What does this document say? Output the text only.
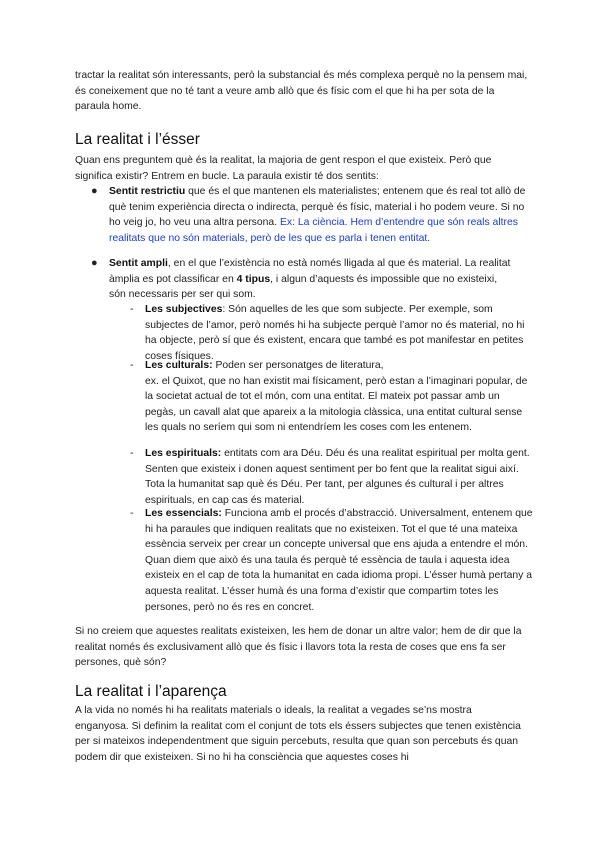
tractar la realitat són interessants, però la substancial és més complexa perquè no la pensem mai, és coneixement que no té tant a veure amb allò que és físic com el que hi ha per sota de la paraula home.

La realitat i l’ésser

Quan ens preguntem què és la realitat, la majoria de gent respon el que existeix. Però que significa existir? Entrem en bucle. La paraula existir té dos sentits:

● Sentit restrictiu que és el que mantenen els materialistes; entenem que és real tot allò de què tenim experiència directa o indirecta, perquè és físic, material i ho podem veure. Si no ho veig jo, ho veu una altra persona. Ex: La ciència. Hem d’entendre que són reals altres realitats que no són materials, però de les que es parla i tenen entitat.

● Sentit ampli, en el que l’existència no està només lligada al que és material. La realitat àmplia es pot classificar en 4 tipus, i algun d’aquests és impossible que no existeixi, són necessaris per ser qui som.

- Les subjectives: Són aquelles de les que som subjecte. Per exemple, som subjectes de l’amor, però només hi ha subjecte perquè l’amor no és material, no hi ha objecte, però sí que és existent, encara que també es pot manifestar en petites coses físiques.

- Les culturals: Poden ser personatges de literatura,
ex. el Quixot, que no han existit mai físicament, però estan a l’imaginari popular, de la societat actual de tot el món, com una entitat. El mateix pot passar amb un pegàs, un cavall alat que apareix a la mitologia clàssica, una entitat cultural sense les quals no seríem qui som ni entendríem les coses com les entenem.

- Les espirituals: entitats com ara Déu. Déu és una realitat espiritual per molta gent. Senten que existeix i donen aquest sentiment per bo fent que la realitat sigui així. Tota la humanitat sap què és Déu. Per tant, per algunes és cultural i per altres espirituals, en cap cas és material.

- Les essencials: Funciona amb el procés d’abstracció. Universalment, entenem que hi ha paraules que indiquen realitats que no existeixen. Tot el que té una mateixa essència serveix per crear un concepte universal que ens ajuda a entendre el món.
Quan diem que això és una taula és perquè té essència de taula i aquesta idea existeix en el cap de tota la humanitat en cada idioma propi. L’ésser humà pertany a aquesta realitat. L’ésser humà és una forma d’existir que compartim totes les persones, però no és res en concret.

Si no creiem que aquestes realitats existeixen, les hem de donar un altre valor; hem de dir que la realitat només és exclusivament allò que és físic i llavors tota la resta de coses que ens fa ser persones, què són?

La realitat i l’aparença

A la vida no només hi ha realitats materials o ideals, la realitat a vegades se’ns mostra enganyosa. Si definim la realitat com el conjunt de tots els éssers subjectes que tenen existència per si mateixos independentment que siguin percebuts, resulta que quan son percebuts és quan podem dir que existeixen. Si no hi ha consciència que aquestes coses hi
